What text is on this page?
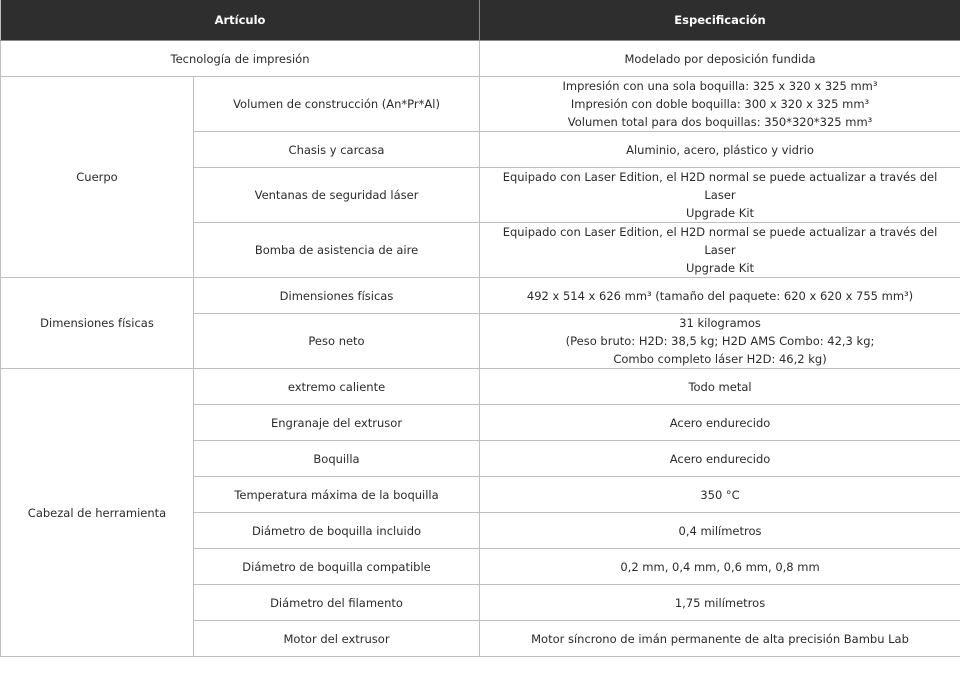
Artículo		Especificación
Tecnología de impresión		Modelado por deposición fundida
Cuerpo	Volumen de construcción (An*Pr*Al)	Impresión con una sola boquilla: 325 x 320 x 325 mm³
Impresión con doble boquilla: 300 x 320 x 325 mm³
Volumen total para dos boquillas: 350*320*325 mm³

	Chasis y carcasa	Aluminio, acero, plástico y vidrio
	Ventanas de seguridad láser	Equipado con Laser Edition, el H2D normal se puede actualizar a través del Laser
Upgrade Kit

	Bomba de asistencia de aire	Equipado con Laser Edition, el H2D normal se puede actualizar a través del Laser
Upgrade Kit

Dimensiones físicas	Dimensiones físicas	492 x 514 x 626 mm³ (tamaño del paquete: 620 x 620 x 755 mm³)
	Peso neto	31 kilogramos
(Peso bruto: H2D: 38,5 kg; H2D AMS Combo: 42,3 kg;
Combo completo láser H2D: 46,2 kg)

Cabezal de herramienta	extremo caliente	Todo metal
	Engranaje del extrusor	Acero endurecido
	Boquilla	Acero endurecido
	Temperatura máxima de la boquilla	350 °C
	Diámetro de boquilla incluido	0,4 milímetros
	Diámetro de boquilla compatible	0,2 mm, 0,4 mm, 0,6 mm, 0,8 mm
	Diámetro del filamento	1,75 milímetros
	Motor del extrusor	Motor síncrono de imán permanente de alta precisión Bambu Lab
